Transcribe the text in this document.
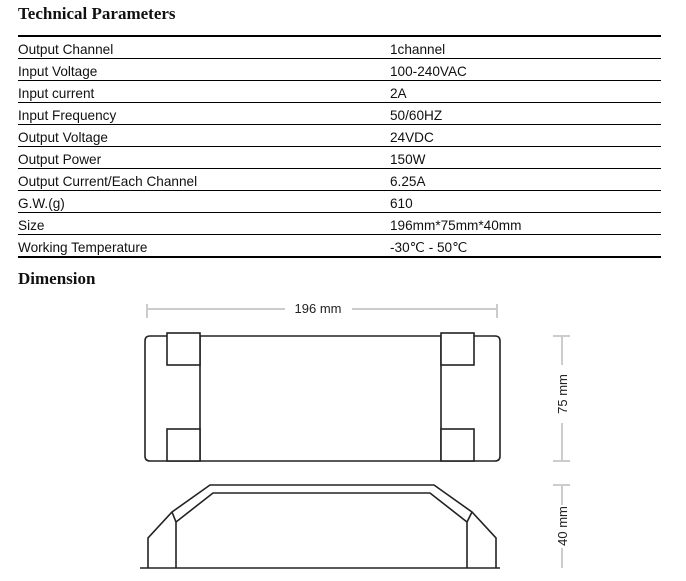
Technical Parameters
Output Channel	1channel
Input Voltage	100-240VAC
Input current	2A
Input Frequency	50/60HZ
Output Voltage	24VDC
Output Power	150W
Output Current/Each Channel	6.25A
G.W.(g)	610
Size	196mm*75mm*40mm
Working Temperature	-30℃ - 50℃
Dimension
196 mm
75 mm
40 mm
